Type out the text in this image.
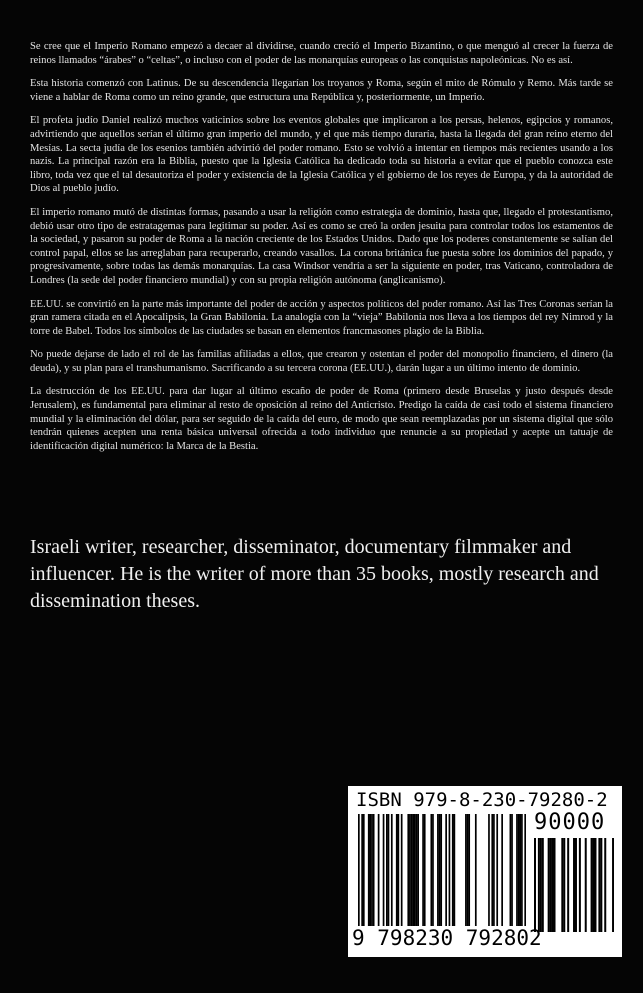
Se cree que el Imperio Romano empezó a decaer al dividirse, cuando creció el Imperio Bizantino, o que menguó al crecer la fuerza de reinos llamados “árabes” o “celtas”, o incluso con el poder de las monarquías europeas o las conquistas napoleónicas. No es así.

Esta historia comenzó con Latinus. De su descendencia llegarían los troyanos y Roma, según el mito de Rómulo y Remo. Más tarde se viene a hablar de Roma como un reino grande, que estructura una República y, posteriormente, un Imperio.

El profeta judío Daniel realizó muchos vaticinios sobre los eventos globales que implicaron a los persas, helenos, egipcios y romanos, advirtiendo que aquellos serían el último gran imperio del mundo, y el que más tiempo duraría, hasta la llegada del gran reino eterno del Mesías. La secta judía de los esenios también advirtió del poder romano. Esto se volvió a intentar en tiempos más recientes usando a los nazis. La principal razón era la Biblia, puesto que la Iglesia Católica ha dedicado toda su historia a evitar que el pueblo conozca este libro, toda vez que el tal desautoriza el poder y existencia de la Iglesia Católica y el gobierno de los reyes de Europa, y da la autoridad de Dios al pueblo judío.

El imperio romano mutó de distintas formas, pasando a usar la religión como estrategia de dominio, hasta que, llegado el protestantismo, debió usar otro tipo de estratagemas para legitimar su poder. Así es como se creó la orden jesuita para controlar todos los estamentos de la sociedad, y pasaron su poder de Roma a la nación creciente de los Estados Unidos. Dado que los poderes constantemente se salían del control papal, ellos se las arreglaban para recuperarlo, creando vasallos. La corona británica fue puesta sobre los dominios del papado, y progresivamente, sobre todas las demás monarquías. La casa Windsor vendría a ser la siguiente en poder, tras Vaticano, controladora de Londres (la sede del poder financiero mundial) y con su propia religión autónoma (anglicanismo).

EE.UU. se convirtió en la parte más importante del poder de acción y aspectos políticos del poder romano. Así las Tres Coronas serían la gran ramera citada en el Apocalipsis, la Gran Babilonia. La analogía con la “vieja” Babilonia nos lleva a los tiempos del rey Nimrod y la torre de Babel. Todos los símbolos de las ciudades se basan en elementos francmasones plagio de la Biblia.

No puede dejarse de lado el rol de las familias afiliadas a ellos, que crearon y ostentan el poder del monopolio financiero, el dinero (la deuda), y su plan para el transhumanismo. Sacrificando a su tercera corona (EE.UU.), darán lugar a un último intento de dominio.

La destrucción de los EE.UU. para dar lugar al último escaño de poder de Roma (primero desde Bruselas y justo después desde Jerusalem), es fundamental para eliminar al resto de oposición al reino del Anticristo. Predigo la caída de casi todo el sistema financiero mundial y la eliminación del dólar, para ser seguido de la caída del euro, de modo que sean reemplazadas por un sistema digital que sólo tendrán quienes acepten una renta básica universal ofrecida a todo individuo que renuncie a su propiedad y acepte un tatuaje de identificación digital numérico: la Marca de la Bestia.

Israeli writer, researcher, disseminator, documentary filmmaker and influencer. He is the writer of more than 35 books, mostly research and dissemination theses.

ISBN 979-8-230-79280-2
90000
9 798230 792802
